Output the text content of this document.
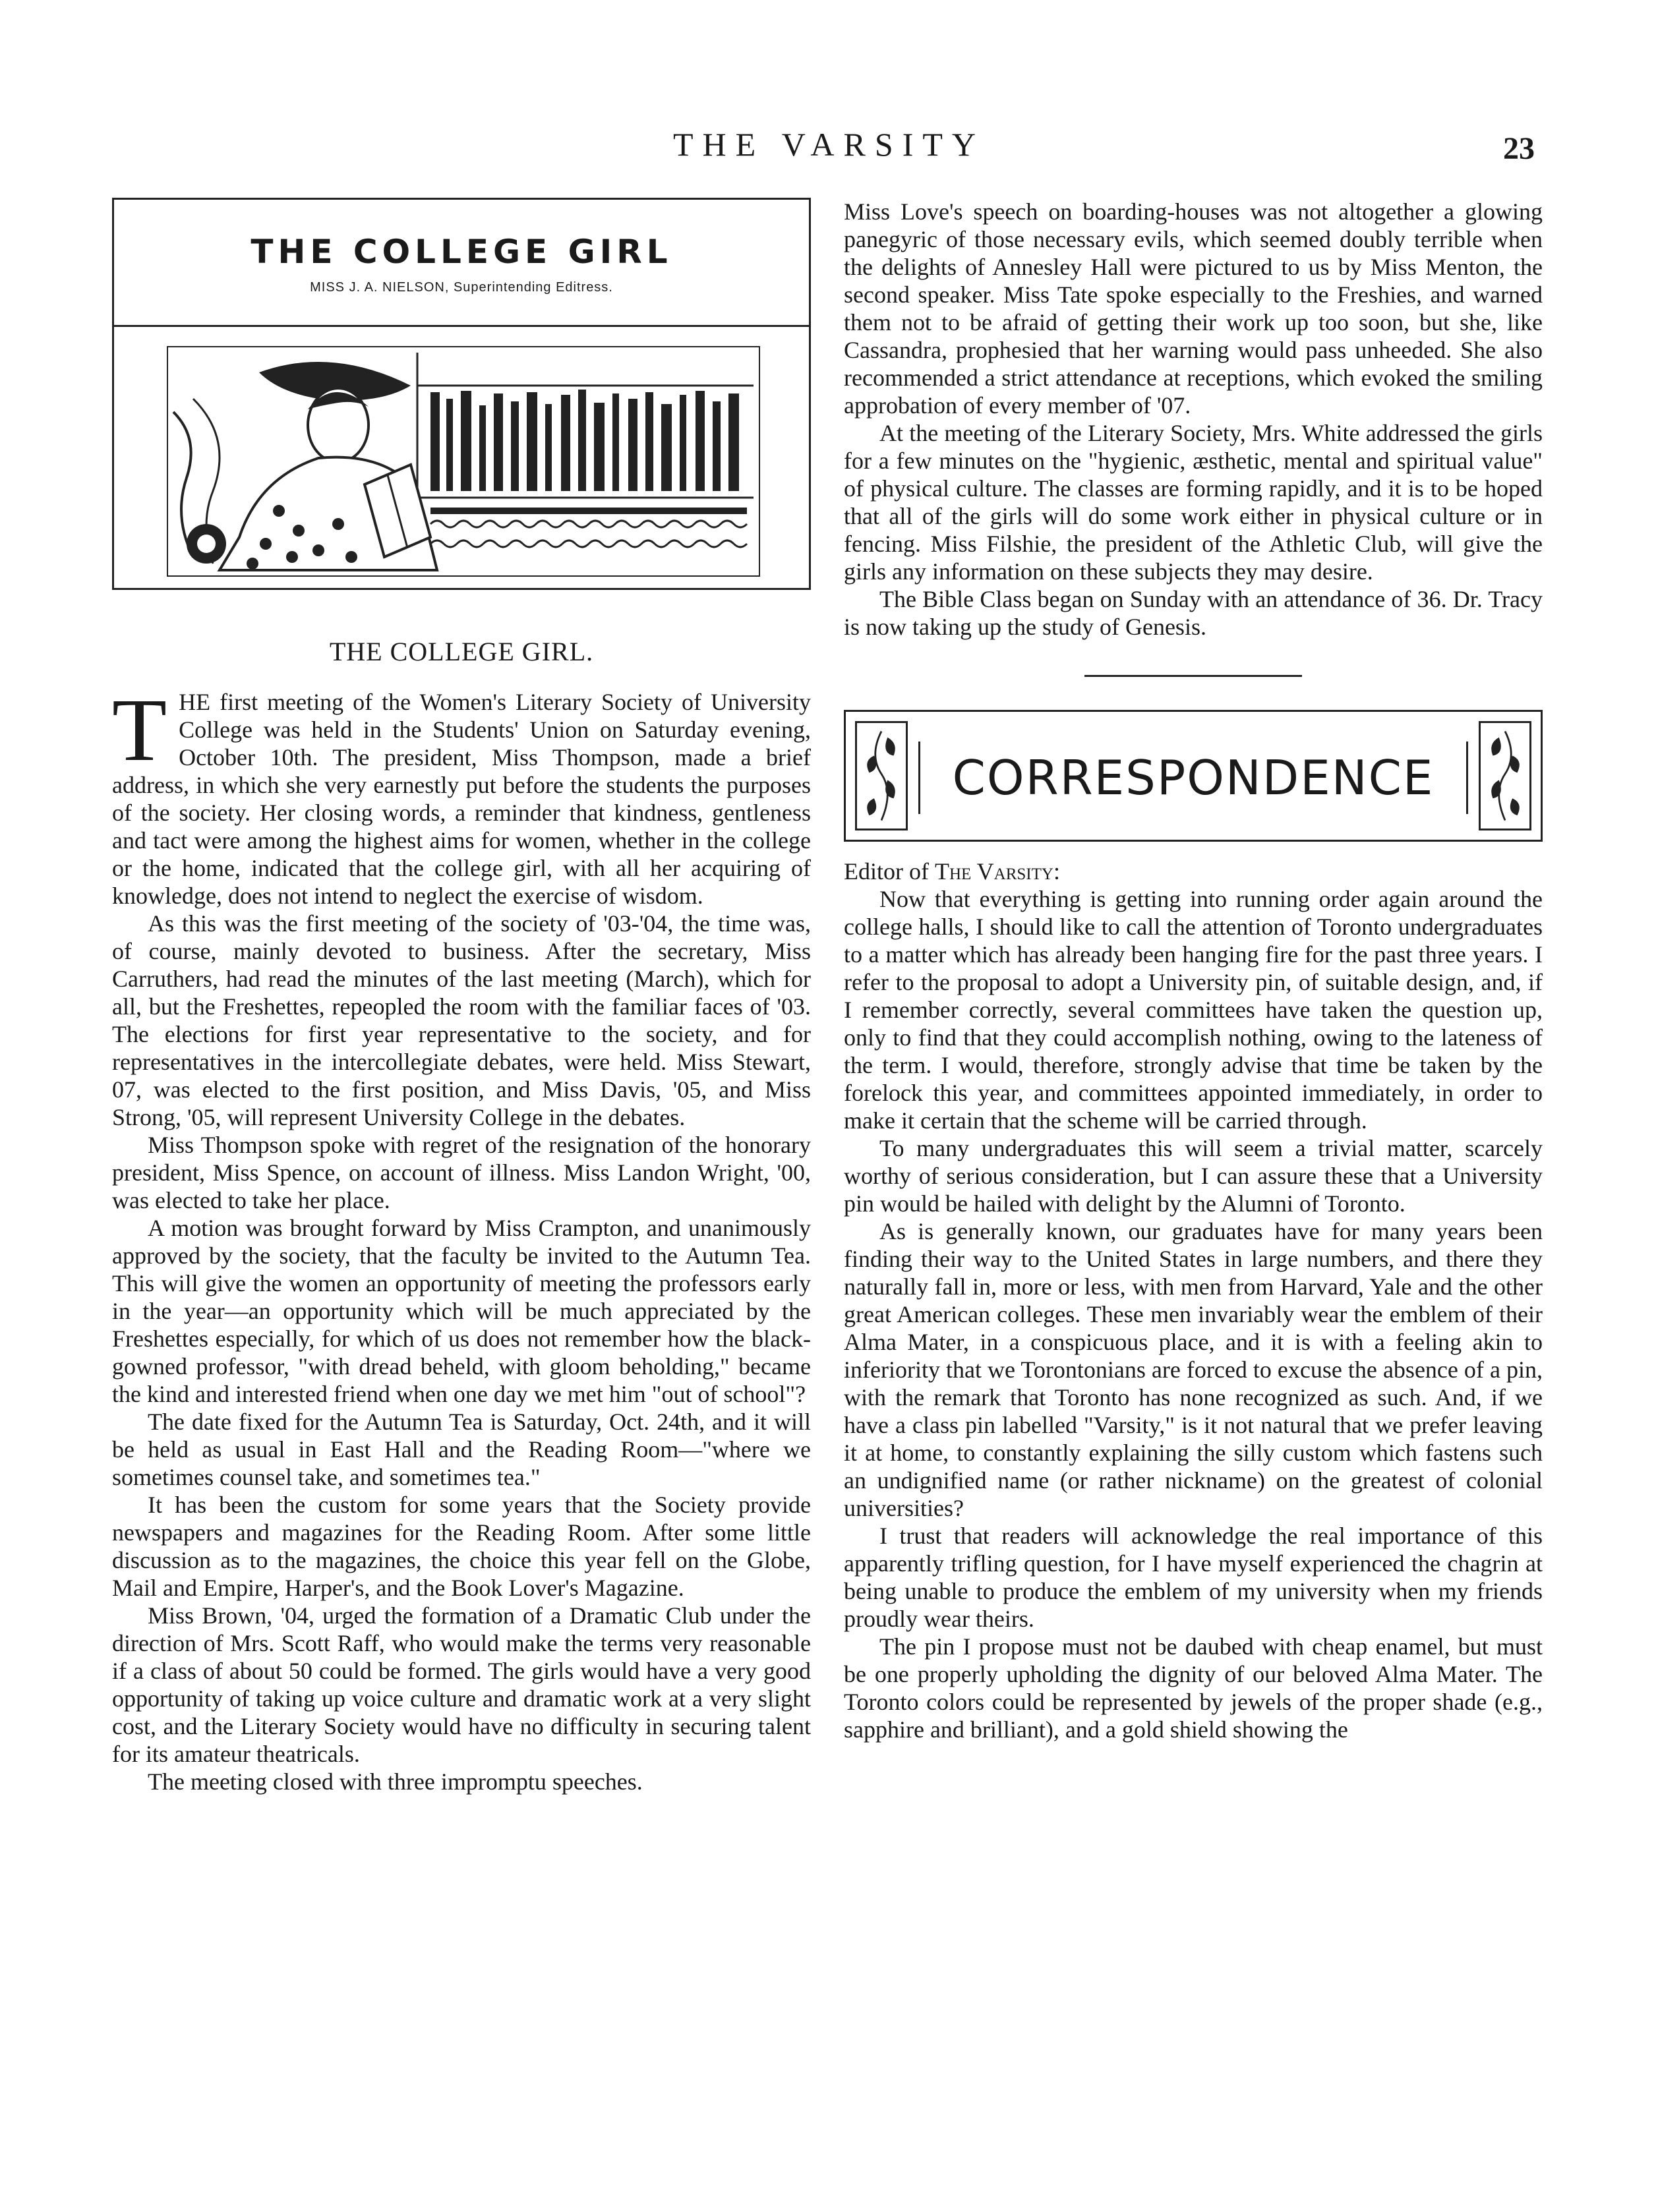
THE VARSITY	23
THE COLLEGE GIRL
MISS J. A. NIELSON, Superintending Editress.
THE COLLEGE GIRL.
THE first meeting of the Women's Literary Society of University College was held in the Students' Union on Saturday evening, October 10th. The president, Miss Thompson, made a brief address, in which she very earnestly put before the students the purposes of the society. Her closing words, a reminder that kindness, gentleness and tact were among the highest aims for women, whether in the college or the home, indicated that the college girl, with all her acquiring of knowledge, does not intend to neglect the exercise of wisdom.
As this was the first meeting of the society of '03-'04, the time was, of course, mainly devoted to business. After the secretary, Miss Carruthers, had read the minutes of the last meeting (March), which for all, but the Freshettes, repeopled the room with the familiar faces of '03. The elections for first year representative to the society, and for representatives in the intercollegiate debates, were held. Miss Stewart, 07, was elected to the first position, and Miss Davis, '05, and Miss Strong, '05, will represent University College in the debates.
Miss Thompson spoke with regret of the resignation of the honorary president, Miss Spence, on account of illness. Miss Landon Wright, '00, was elected to take her place.
A motion was brought forward by Miss Crampton, and unanimously approved by the society, that the faculty be invited to the Autumn Tea. This will give the women an opportunity of meeting the professors early in the year—an opportunity which will be much appreciated by the Freshettes especially, for which of us does not remember how the black-gowned professor, "with dread beheld, with gloom beholding," became the kind and interested friend when one day we met him "out of school"?
The date fixed for the Autumn Tea is Saturday, Oct. 24th, and it will be held as usual in East Hall and the Reading Room—"where we sometimes counsel take, and sometimes tea."
It has been the custom for some years that the Society provide newspapers and magazines for the Reading Room. After some little discussion as to the magazines, the choice this year fell on the Globe, Mail and Empire, Harper's, and the Book Lover's Magazine.
Miss Brown, '04, urged the formation of a Dramatic Club under the direction of Mrs. Scott Raff, who would make the terms very reasonable if a class of about 50 could be formed. The girls would have a very good opportunity of taking up voice culture and dramatic work at a very slight cost, and the Literary Society would have no difficulty in securing talent for its amateur theatricals.
The meeting closed with three impromptu speeches.
Miss Love's speech on boarding-houses was not altogether a glowing panegyric of those necessary evils, which seemed doubly terrible when the delights of Annesley Hall were pictured to us by Miss Menton, the second speaker. Miss Tate spoke especially to the Freshies, and warned them not to be afraid of getting their work up too soon, but she, like Cassandra, prophesied that her warning would pass unheeded. She also recommended a strict attendance at receptions, which evoked the smiling approbation of every member of '07.
At the meeting of the Literary Society, Mrs. White addressed the girls for a few minutes on the "hygienic, æsthetic, mental and spiritual value" of physical culture. The classes are forming rapidly, and it is to be hoped that all of the girls will do some work either in physical culture or in fencing. Miss Filshie, the president of the Athletic Club, will give the girls any information on these subjects they may desire.
The Bible Class began on Sunday with an attendance of 36. Dr. Tracy is now taking up the study of Genesis.
CORRESPONDENCE
Editor of The Varsity:
Now that everything is getting into running order again around the college halls, I should like to call the attention of Toronto undergraduates to a matter which has already been hanging fire for the past three years. I refer to the proposal to adopt a University pin, of suitable design, and, if I remember correctly, several committees have taken the question up, only to find that they could accomplish nothing, owing to the lateness of the term. I would, therefore, strongly advise that time be taken by the forelock this year, and committees appointed immediately, in order to make it certain that the scheme will be carried through.
To many undergraduates this will seem a trivial matter, scarcely worthy of serious consideration, but I can assure these that a University pin would be hailed with delight by the Alumni of Toronto.
As is generally known, our graduates have for many years been finding their way to the United States in large numbers, and there they naturally fall in, more or less, with men from Harvard, Yale and the other great American colleges. These men invariably wear the emblem of their Alma Mater, in a conspicuous place, and it is with a feeling akin to inferiority that we Torontonians are forced to excuse the absence of a pin, with the remark that Toronto has none recognized as such. And, if we have a class pin labelled "Varsity," is it not natural that we prefer leaving it at home, to constantly explaining the silly custom which fastens such an undignified name (or rather nickname) on the greatest of colonial universities?
I trust that readers will acknowledge the real importance of this apparently trifling question, for I have myself experienced the chagrin at being unable to produce the emblem of my university when my friends proudly wear theirs.
The pin I propose must not be daubed with cheap enamel, but must be one properly upholding the dignity of our beloved Alma Mater. The Toronto colors could be represented by jewels of the proper shade (e.g., sapphire and brilliant), and a gold shield showing the
